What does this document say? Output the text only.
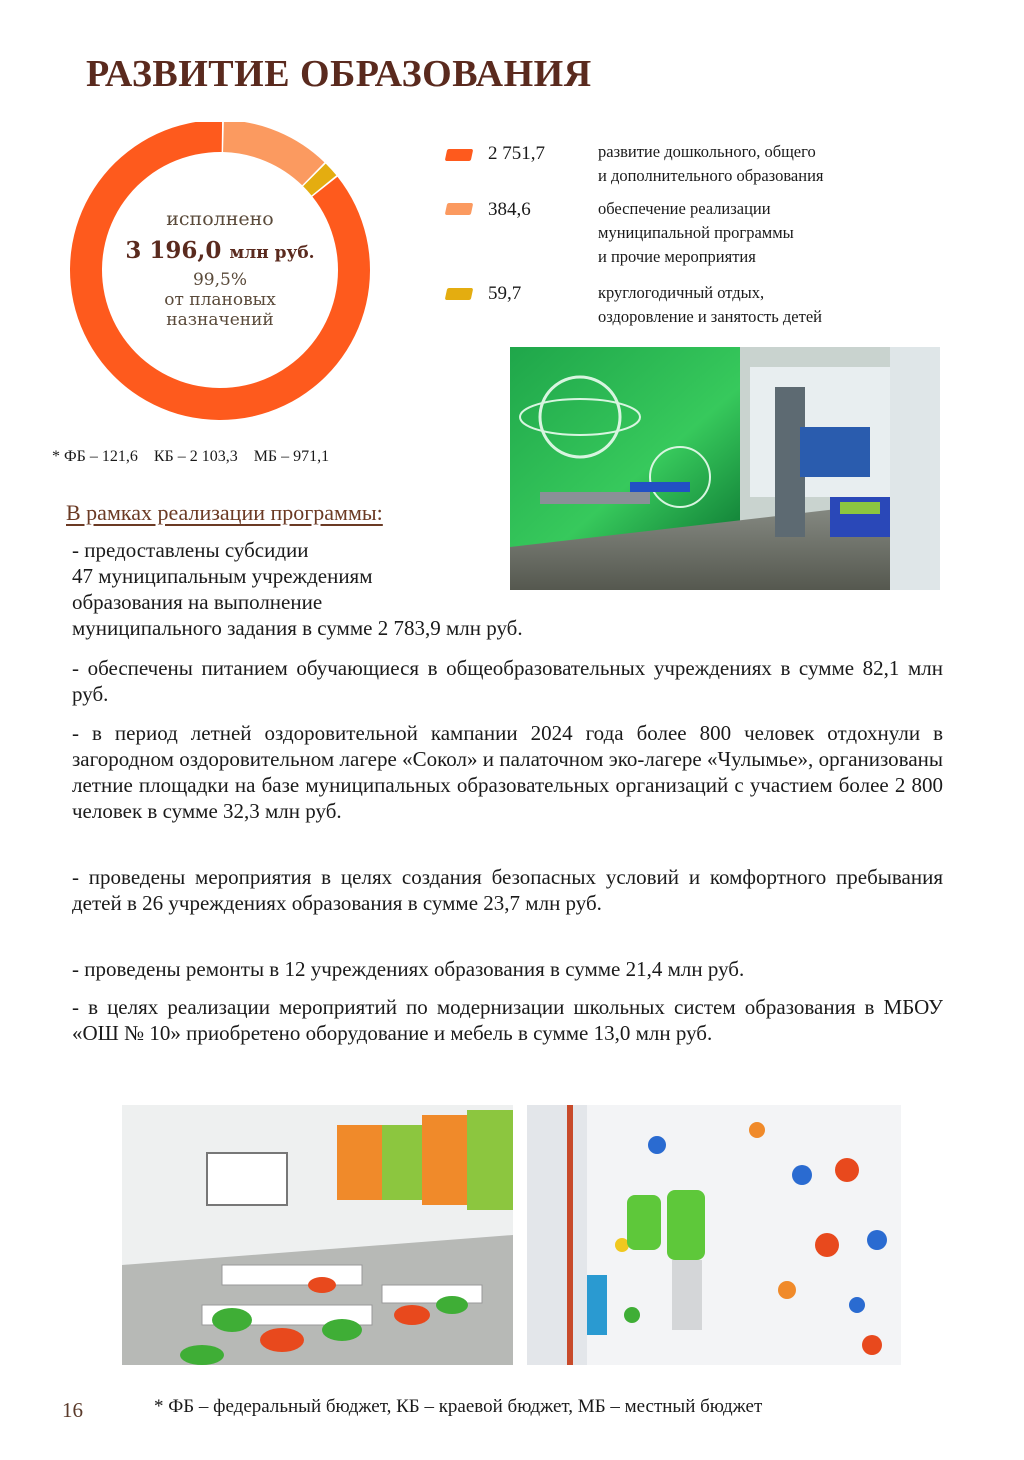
РАЗВИТИЕ ОБРАЗОВАНИЯ
исполнено
3 196,0 млн руб.
99,5%
от плановых
назначений
2 751,7	развитие дошкольного, общего
и дополнительного образования
384,6	обеспечение реализации
муниципальной программы
и прочие мероприятия
59,7	круглогодичный отдых,
оздоровление и занятость детей
* ФБ – 121,6    КБ – 2 103,3    МБ – 971,1
В рамках реализации программы:
- предоставлены субсидии
47 муниципальным учреждениям
образования на выполнение
муниципального задания в сумме 2 783,9 млн руб.
- обеспечены питанием обучающиеся в общеобразовательных учреждениях в сумме 82,1 млн руб.
- в период летней оздоровительной кампании 2024 года более 800 человек отдохнули в загородном оздоровительном лагере «Сокол» и палаточном эко-лагере «Чулымье», организованы летние площадки на базе муниципальных образовательных организаций с участием более 2 800 человек в сумме 32,3 млн руб.
- проведены мероприятия в целях создания безопасных условий и комфортного пребывания детей в 26 учреждениях образования в сумме 23,7 млн руб.
- проведены ремонты в 12 учреждениях образования в сумме 21,4 млн руб.
- в целях реализации мероприятий по модернизации школьных систем образования в МБОУ «ОШ № 10» приобретено оборудование и мебель в сумме 13,0 млн руб.
16	* ФБ – федеральный бюджет, КБ – краевой бюджет, МБ – местный бюджет
